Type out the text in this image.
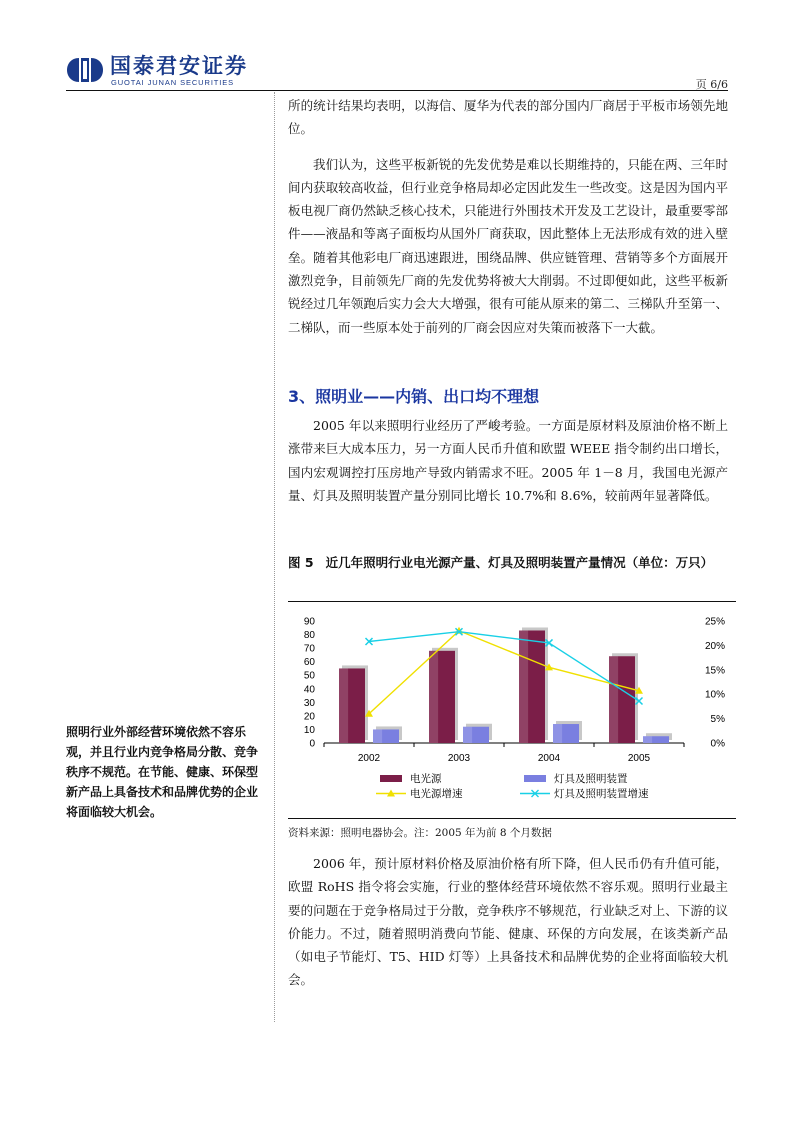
国泰君安证券
GUOTAI JUNAN SECURITIES	页 6/6

所的统计结果均表明，以海信、厦华为代表的部分国内厂商居于平板市场领先地位。

我们认为，这些平板新锐的先发优势是难以长期维持的，只能在两、三年时间内获取较高收益，但行业竞争格局却必定因此发生一些改变。这是因为国内平板电视厂商仍然缺乏核心技术，只能进行外围技术开发及工艺设计，最重要零部件——液晶和等离子面板均从国外厂商获取，因此整体上无法形成有效的进入壁垒。随着其他彩电厂商迅速跟进，围绕品牌、供应链管理、营销等多个方面展开激烈竞争，目前领先厂商的先发优势将被大大削弱。不过即便如此，这些平板新锐经过几年领跑后实力会大大增强，很有可能从原来的第二、三梯队升至第一、二梯队，而一些原本处于前列的厂商会因应对失策而被落下一大截。

3、照明业——内销、出口均不理想

2005 年以来照明行业经历了严峻考验。一方面是原材料及原油价格不断上涨带来巨大成本压力，另一方面人民币升值和欧盟 WEEE 指令制约出口增长，国内宏观调控打压房地产导致内销需求不旺。2005 年 1－8 月，我国电光源产量、灯具及照明装置产量分别同比增长 10.7%和 8.6%，较前两年显著降低。

图 5 近几年照明行业电光源产量、灯具及照明装置产量情况（单位：万只）
0
10
20
30
40
50
60
70
80
90
0%
5%
10%
15%
20%
25%
2002	2003	2004	2005
电光源	灯具及照明装置
电光源增速	灯具及照明装置增速

资料来源：照明电器协会。注：2005 年为前 8 个月数据

2006 年，预计原材料价格及原油价格有所下降，但人民币仍有升值可能，欧盟 RoHS 指令将会实施，行业的整体经营环境依然不容乐观。照明行业最主要的问题在于竞争格局过于分散，竞争秩序不够规范，行业缺乏对上、下游的议价能力。不过，随着照明消费向节能、健康、环保的方向发展，在该类新产品（如电子节能灯、T5、HID 灯等）上具备技术和品牌优势的企业将面临较大机会。

照明行业外部经营环境依然不容乐观，并且行业内竞争格局分散、竞争秩序不规范。在节能、健康、环保型新产品上具备技术和品牌优势的企业将面临较大机会。
